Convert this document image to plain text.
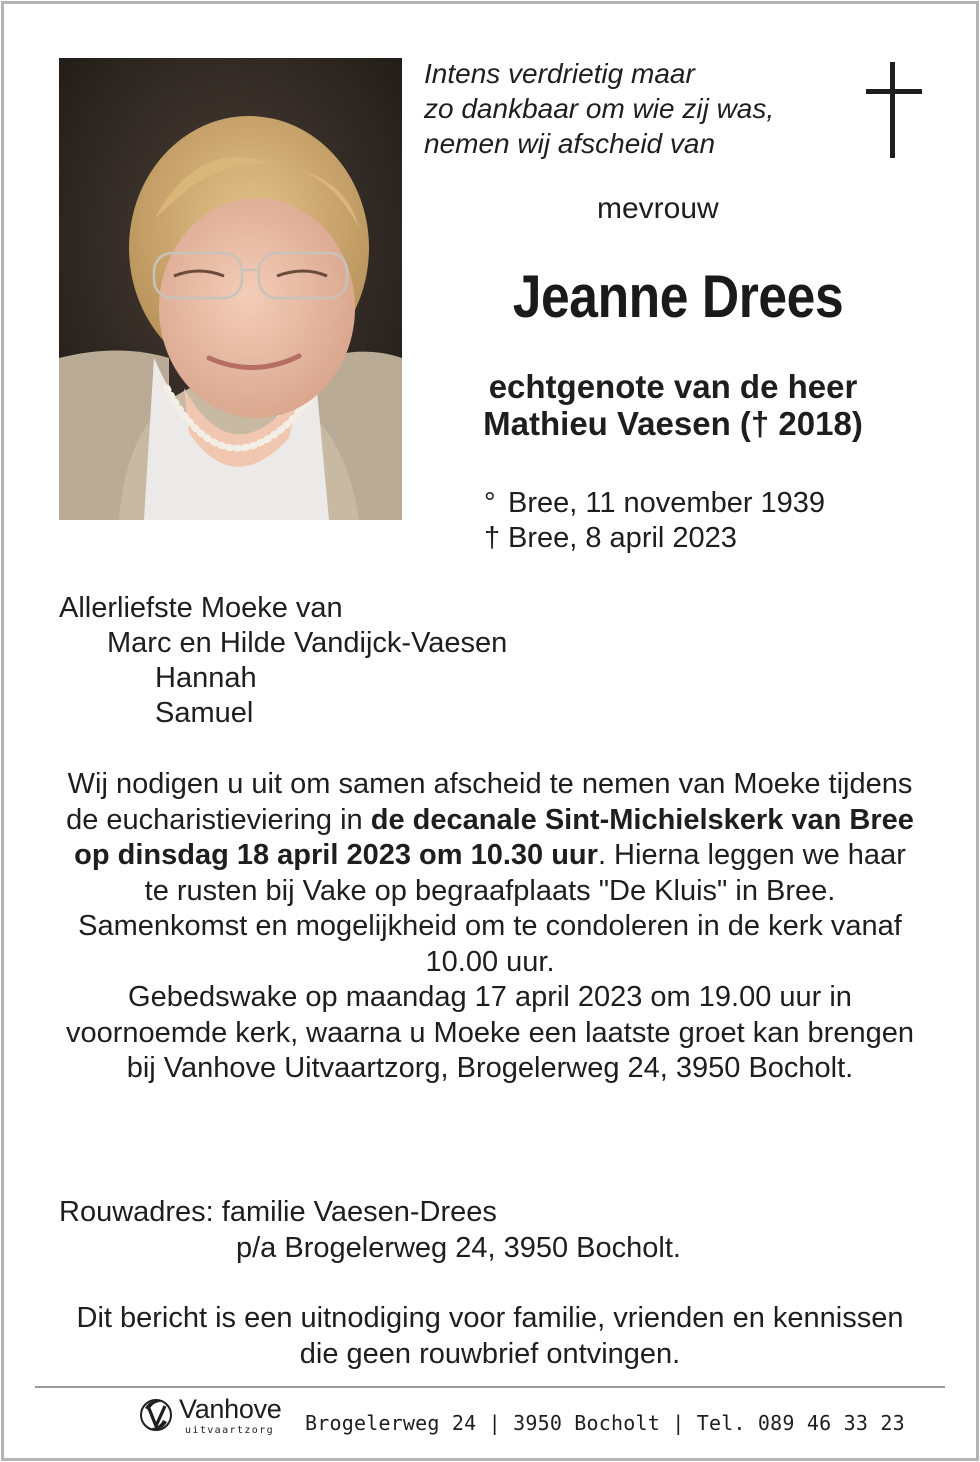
Intens verdrietig maar
zo dankbaar om wie zij was,
nemen wij afscheid van
mevrouw
Jeanne Drees
echtgenote van de heer
Mathieu Vaesen († 2018)
° Bree, 11 november 1939
† Bree, 8 april 2023
Allerliefste Moeke van
Marc en Hilde Vandijck-Vaesen
Hannah
Samuel
Wij nodigen u uit om samen afscheid te nemen van Moeke tijdens de eucharistieviering in de decanale Sint-Michielskerk van Bree op dinsdag 18 april 2023 om 10.30 uur. Hierna leggen we haar te rusten bij Vake op begraafplaats "De Kluis" in Bree.
Samenkomst en mogelijkheid om te condoleren in de kerk vanaf 10.00 uur.
Gebedswake op maandag 17 april 2023 om 19.00 uur in voornoemde kerk, waarna u Moeke een laatste groet kan brengen bij Vanhove Uitvaartzorg, Brogelerweg 24, 3950 Bocholt.
Rouwadres: familie Vaesen-Drees
p/a Brogelerweg 24, 3950 Bocholt.
Dit bericht is een uitnodiging voor familie, vrienden en kennissen die geen rouwbrief ontvingen.
Vanhove
uitvaartzorg Brogelerweg 24 | 3950 Bocholt | Tel. 089 46 33 23
